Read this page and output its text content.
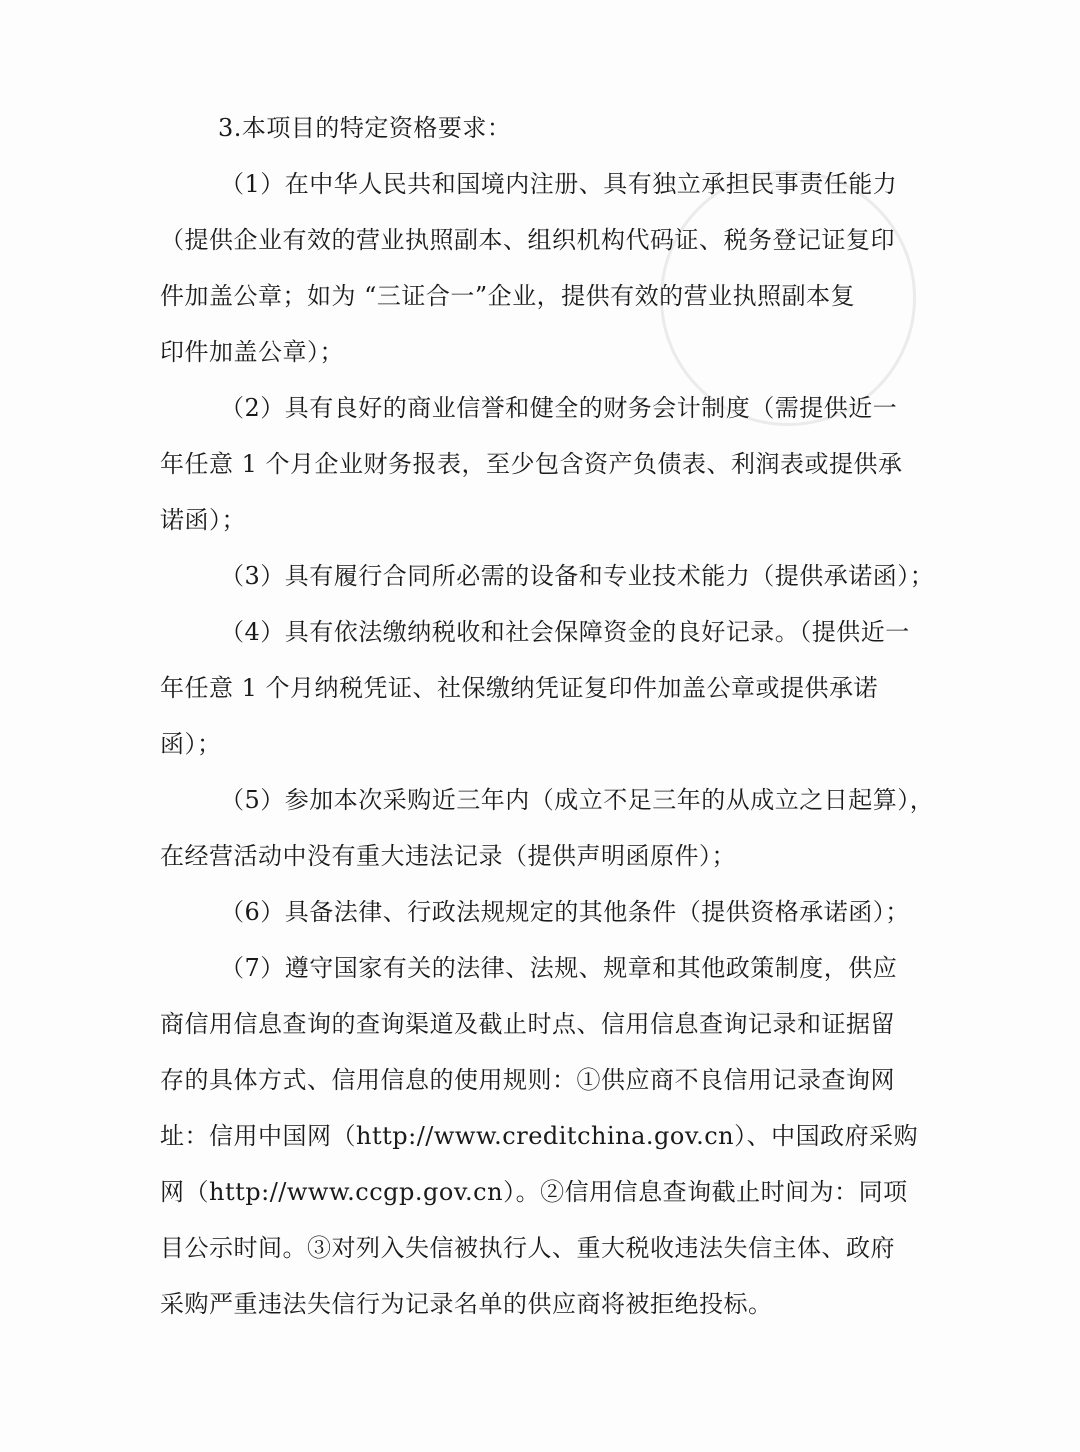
3.本项目的特定资格要求：
（1）在中华人民共和国境内注册、具有独立承担民事责任能力
（提供企业有效的营业执照副本、组织机构代码证、税务登记证复印
件加盖公章；如为 “三证合一”企业，提供有效的营业执照副本复
印件加盖公章）；
（2）具有良好的商业信誉和健全的财务会计制度（需提供近一
年任意 1 个月企业财务报表，至少包含资产负债表、利润表或提供承
诺函）；
（3）具有履行合同所必需的设备和专业技术能力（提供承诺函）；
（4）具有依法缴纳税收和社会保障资金的良好记录。（提供近一
年任意 1 个月纳税凭证、社保缴纳凭证复印件加盖公章或提供承诺
函）；
（5）参加本次采购近三年内（成立不足三年的从成立之日起算），
在经营活动中没有重大违法记录（提供声明函原件）；
（6）具备法律、行政法规规定的其他条件（提供资格承诺函）；
（7）遵守国家有关的法律、法规、规章和其他政策制度，供应
商信用信息查询的查询渠道及截止时点、信用信息查询记录和证据留
存的具体方式、信用信息的使用规则：①供应商不良信用记录查询网
址：信用中国网（http://www.creditchina.gov.cn）、中国政府采购
网（http://www.ccgp.gov.cn）。②信用信息查询截止时间为：同项
目公示时间。③对列入失信被执行人、重大税收违法失信主体、政府
采购严重违法失信行为记录名单的供应商将被拒绝投标。
